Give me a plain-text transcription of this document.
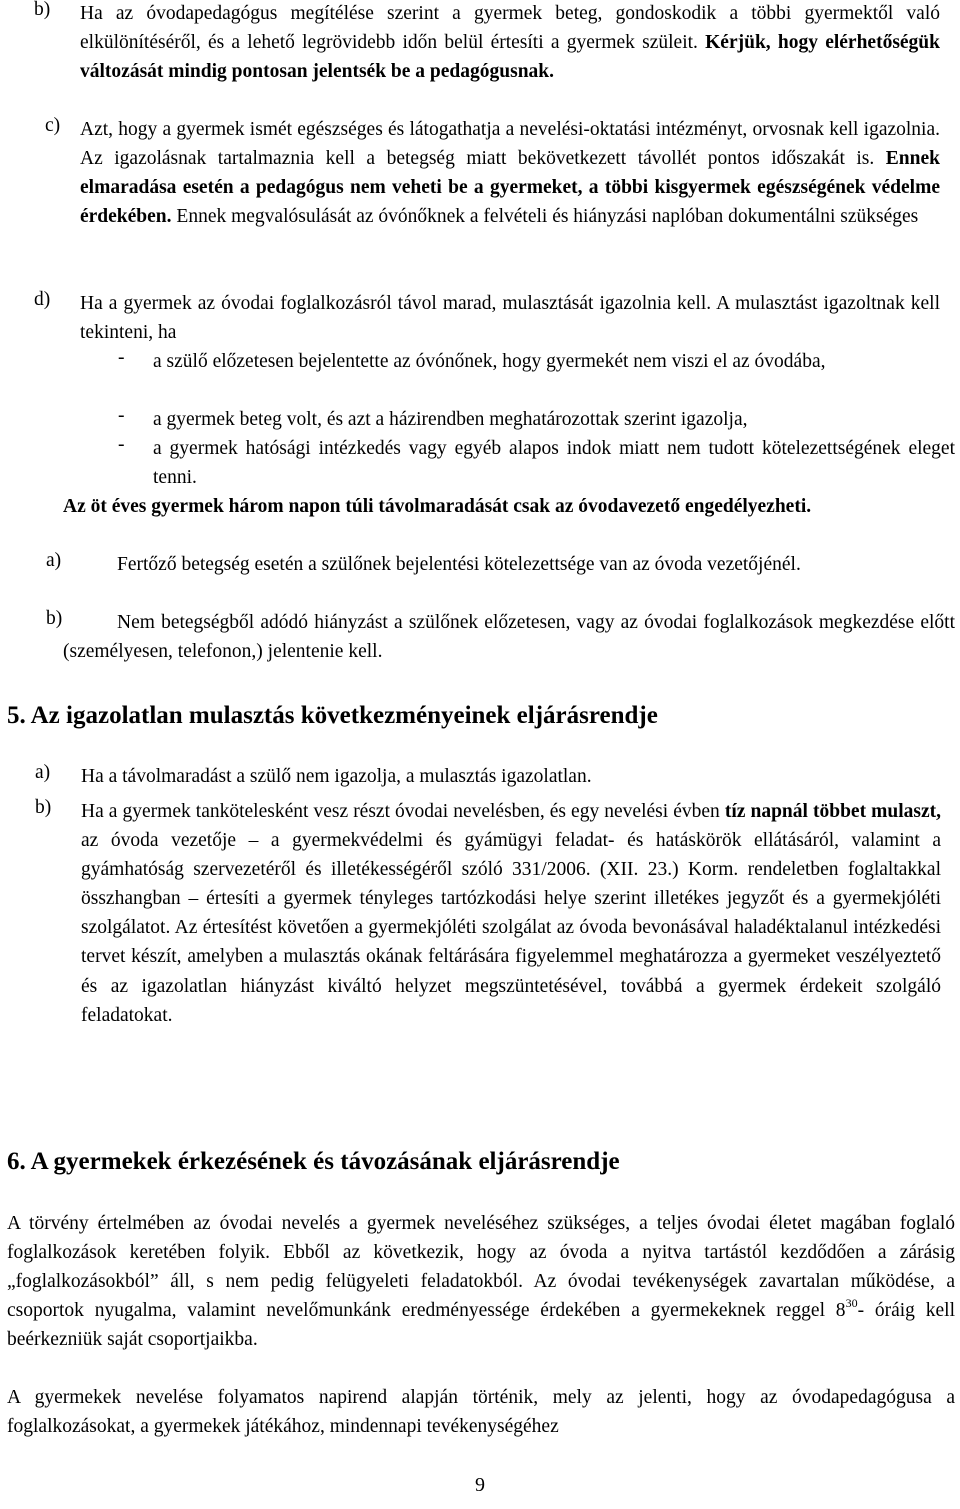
b) Ha az óvodapedagógus megítélése szerint a gyermek beteg, gondoskodik a többi gyermektől való elkülönítéséről, és a lehető legrövidebb időn belül értesíti a gyermek szüleit. Kérjük, hogy elérhetőségük változását mindig pontosan jelentsék be a pedagógusnak.
c) Azt, hogy a gyermek ismét egészséges és látogathatja a nevelési-oktatási intézményt, orvosnak kell igazolnia. Az igazolásnak tartalmaznia kell a betegség miatt bekövetkezett távollét pontos időszakát is. Ennek elmaradása esetén a pedagógus nem veheti be a gyermeket, a többi kisgyermek egészségének védelme érdekében. Ennek megvalósulását az óvónőknek a felvételi és hiányzási naplóban dokumentálni szükséges
d)	Ha a gyermek az óvodai foglalkozásról távol marad, mulasztását igazolnia kell. A mulasztást igazoltnak kell tekinteni, ha
- a szülő előzetesen bejelentette az óvónőnek, hogy gyermekét nem viszi el az óvodába,
- a gyermek beteg volt, és azt a házirendben meghatározottak szerint igazolja,
- a gyermek hatósági intézkedés vagy egyéb alapos indok miatt nem tudott kötelezettségének eleget tenni.
Az öt éves gyermek három napon túli távolmaradását csak az óvodavezető engedélyezheti.
a)	Fertőző betegség esetén a szülőnek bejelentési kötelezettsége van az óvoda vezetőjénél.
b)	Nem betegségből adódó hiányzást a szülőnek előzetesen, vagy az óvodai foglalkozások megkezdése előtt (személyesen, telefonon,) jelentenie kell.
5. Az igazolatlan mulasztás következményeinek eljárásrendje
a) Ha a távolmaradást a szülő nem igazolja, a mulasztás igazolatlan.
b) Ha a gyermek tankötelesként vesz részt óvodai nevelésben, és egy nevelési évben tíz napnál többet mulaszt, az óvoda vezetője – a gyermekvédelmi és gyámügyi feladat- és hatáskörök ellátásáról, valamint a gyámhatóság szervezetéről és illetékességéről szóló 331/2006. (XII. 23.) Korm. rendeletben foglaltakkal összhangban – értesíti a gyermek tényleges tartózkodási helye szerint illetékes jegyzőt és a gyermekjóléti szolgálatot. Az értesítést követően a gyermekjóléti szolgálat az óvoda bevonásával haladéktalanul intézkedési tervet készít, amelyben a mulasztás okának feltárására figyelemmel meghatározza a gyermeket veszélyeztető és az igazolatlan hiányzást kiváltó helyzet megszüntetésével, továbbá a gyermek érdekeit szolgáló feladatokat.
6. A gyermekek érkezésének és távozásának eljárásrendje
A törvény értelmében az óvodai nevelés a gyermek neveléséhez szükséges, a teljes óvodai életet magában foglaló foglalkozások keretében folyik. Ebből az következik, hogy az óvoda a nyitva tartástól kezdődően a zárásig „foglalkozásokból” áll, s nem pedig felügyeleti feladatokból. Az óvodai tevékenységek zavartalan működése, a csoportok nyugalma, valamint nevelőmunkánk eredményessége érdekében a gyermekeknek reggel $8^{30}-$ óráig kell beérkezniük saját csoportjaikba.
A gyermekek nevelése folyamatos napirend alapján történik, mely az jelenti, hogy az óvodapedagógusa a foglalkozásokat, a gyermekek játékához, mindennapi tevékenységéhez
9
